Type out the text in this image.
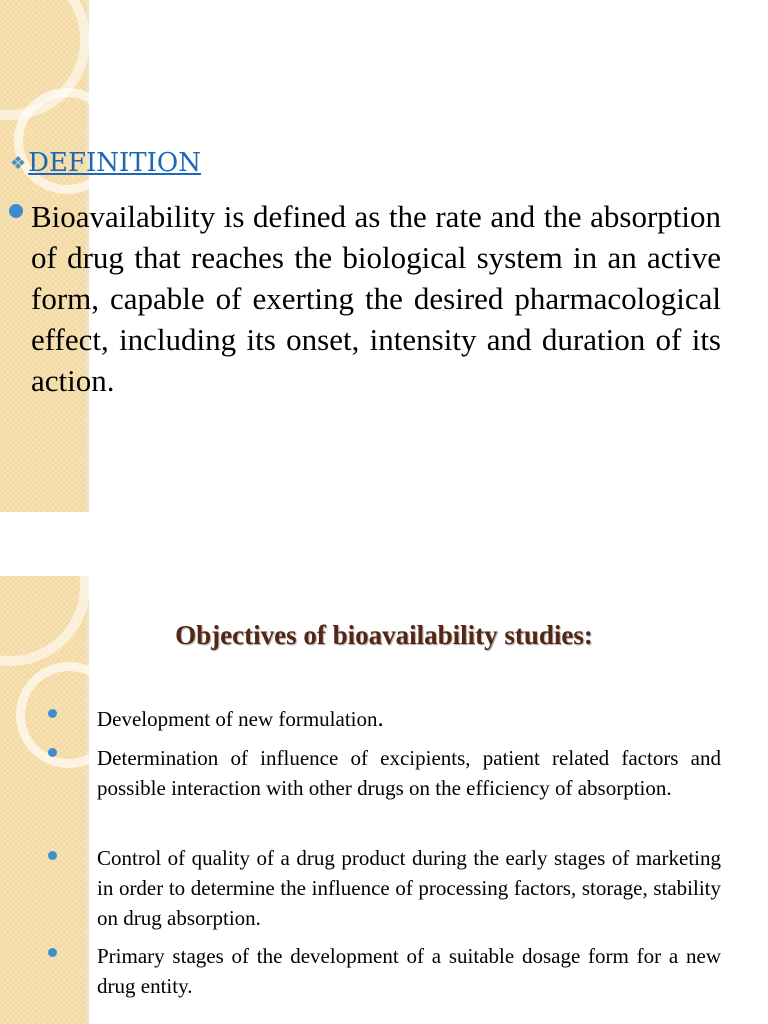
❖ DEFINITION

Bioavailability is defined as the rate and the absorption of drug that reaches the biological system in an active form, capable of exerting the desired pharmacological effect, including its onset, intensity and duration of its action.

Objectives of bioavailability studies:
Development of new formulation.
Determination of influence of excipients, patient related factors and possible interaction with other drugs on the efficiency of absorption.
Control of quality of a drug product during the early stages of marketing in order to determine the influence of processing factors, storage, stability on drug absorption.
Primary stages of the development of a suitable dosage form for a new drug entity.
